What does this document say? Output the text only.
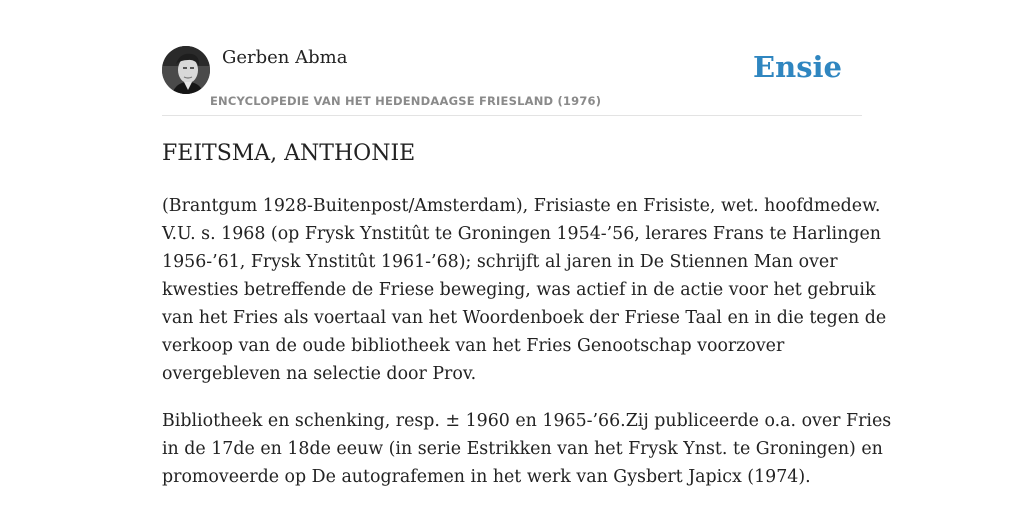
Gerben Abma
ENCYCLOPEDIE VAN HET HEDENDAAGSE FRIESLAND (1976)
Ensie
FEITSMA, ANTHONIE

(Brantgum 1928-Buitenpost/Amsterdam), Frisiaste en Frisiste, wet. hoofdmedew.
V.U. s. 1968 (op Frysk Ynstitût te Groningen 1954-’56, lerares Frans te Harlingen
1956-’61, Frysk Ynstitût 1961-’68); schrijft al jaren in De Stiennen Man over
kwesties betreffende de Friese beweging, was actief in de actie voor het gebruik
van het Fries als voertaal van het Woordenboek der Friese Taal en in die tegen de
verkoop van de oude bibliotheek van het Fries Genootschap voorzover
overgebleven na selectie door Prov.

Bibliotheek en schenking, resp. ± 1960 en 1965-’66.Zij publiceerde o.a. over Fries
in de 17de en 18de eeuw (in serie Estrikken van het Frysk Ynst. te Groningen) en
promoveerde op De autografemen in het werk van Gysbert Japicx (1974).
